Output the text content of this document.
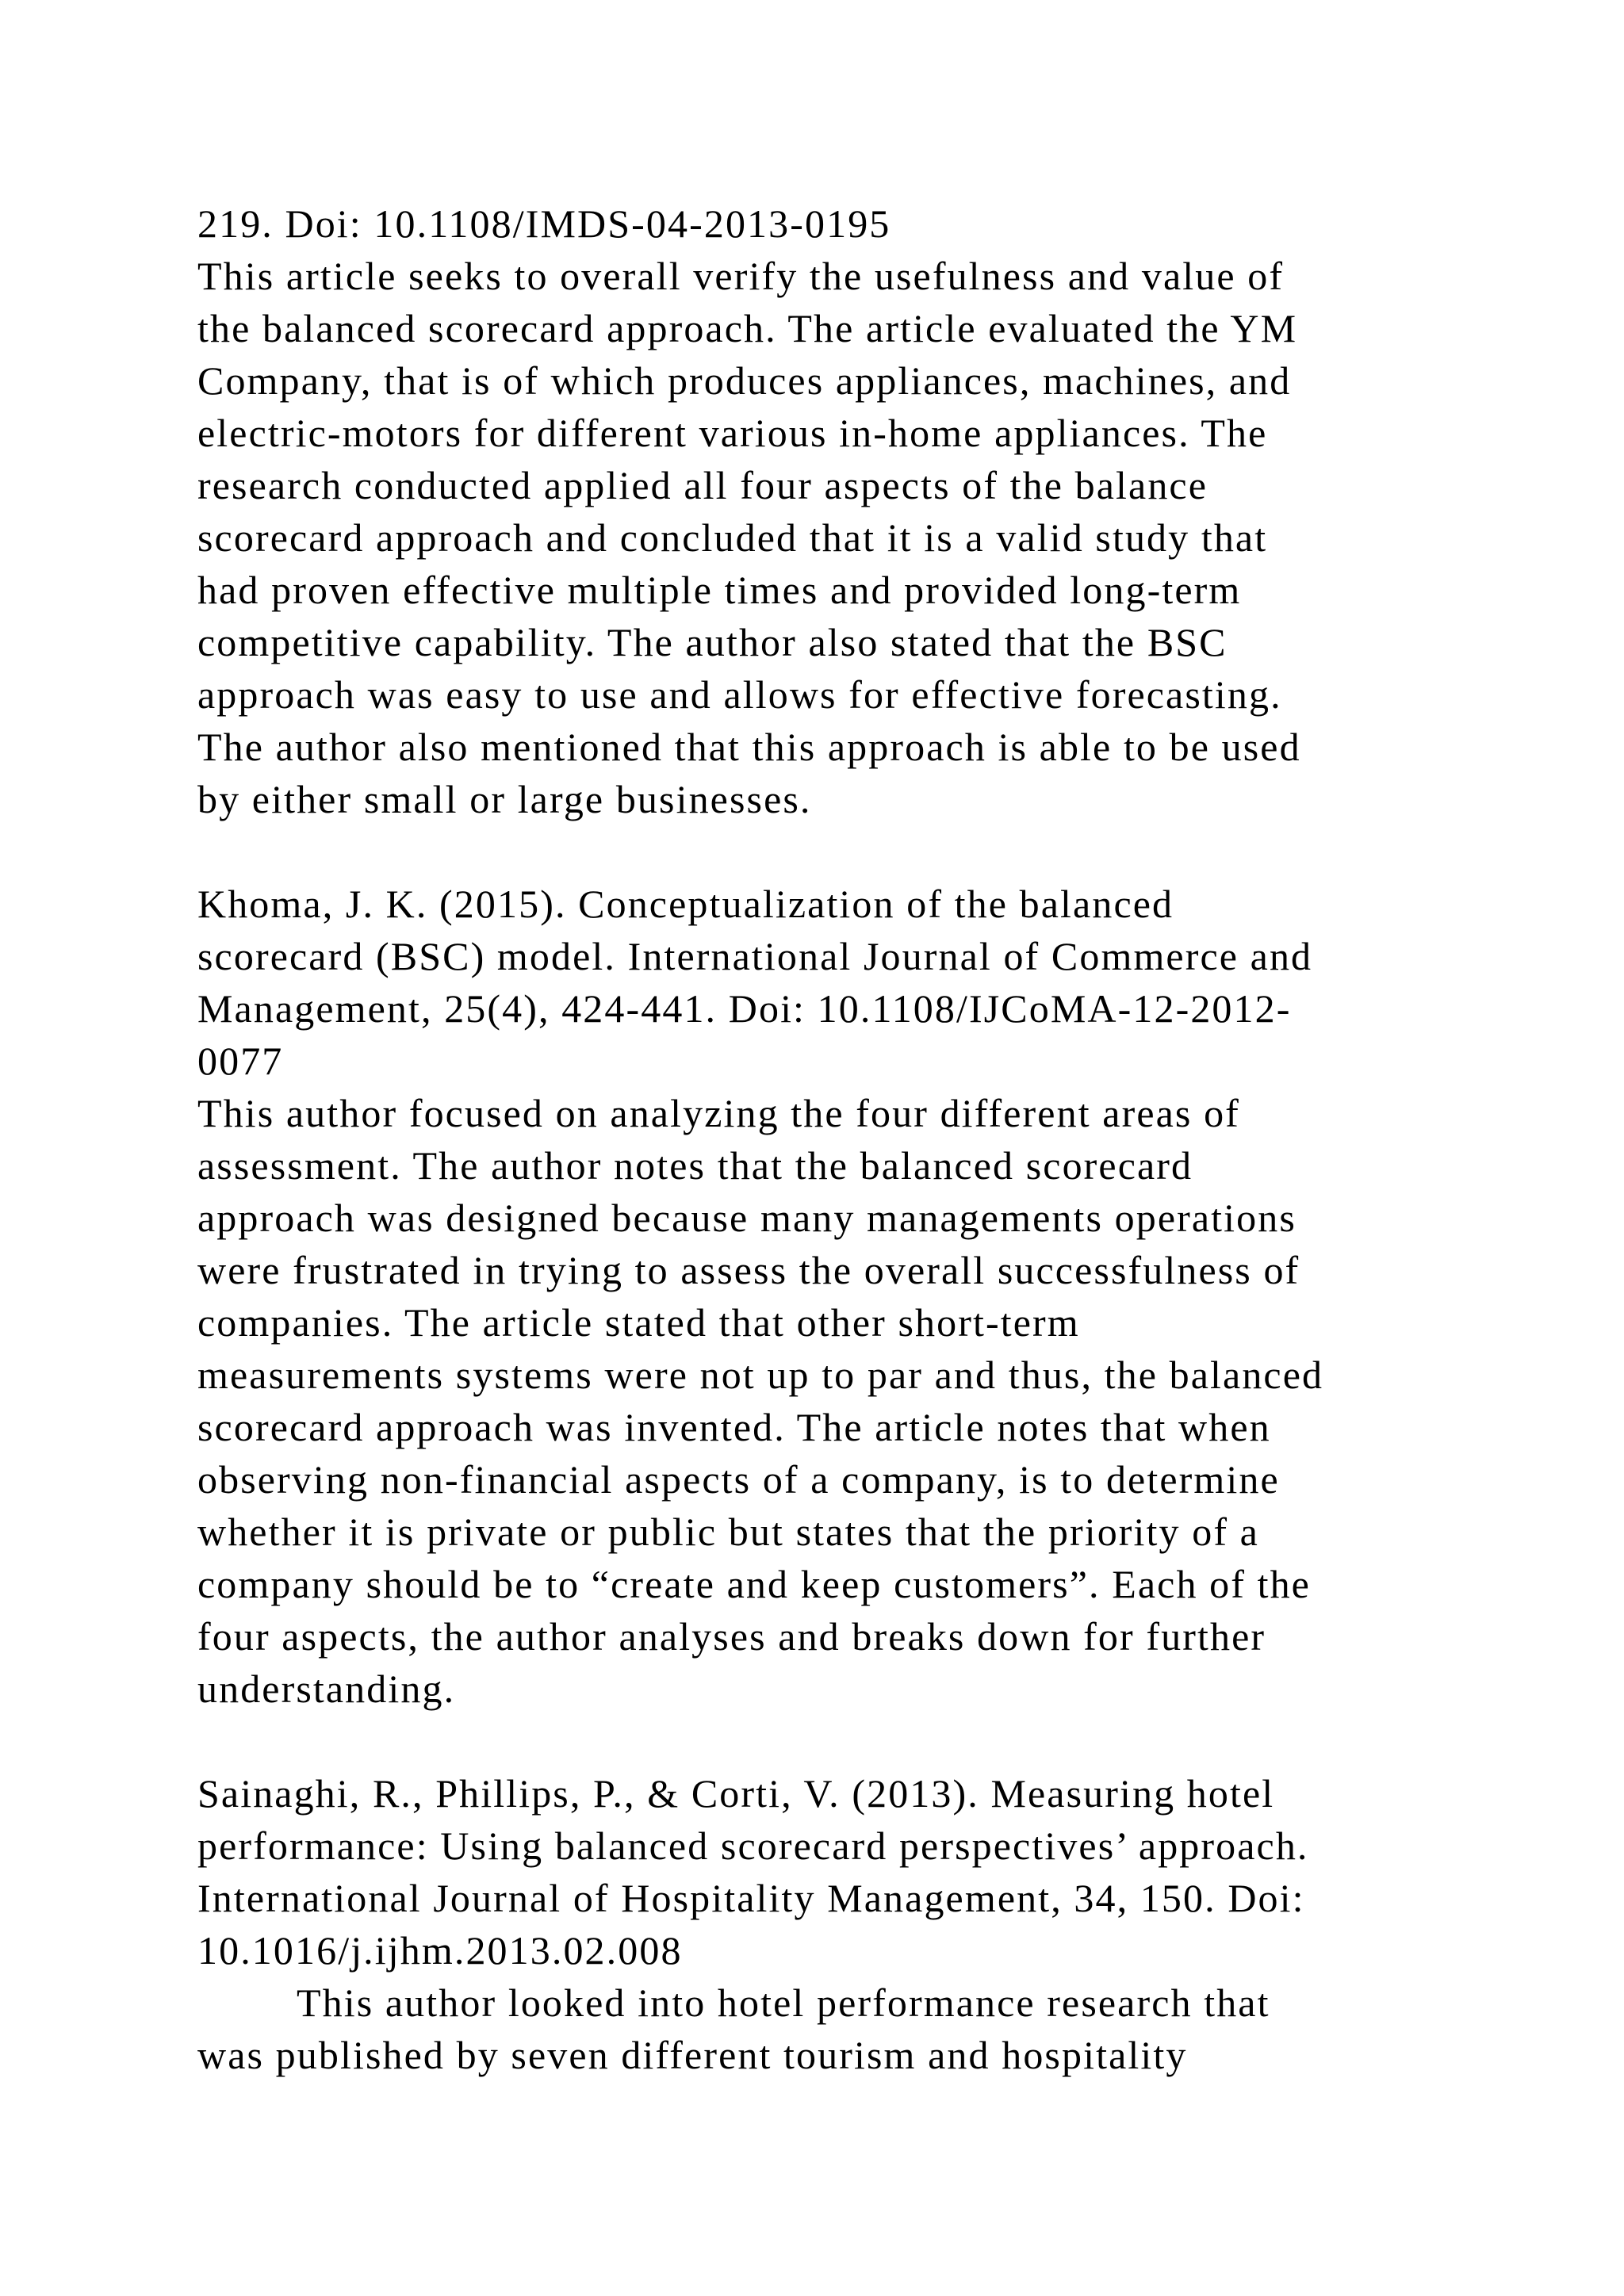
219. Doi: 10.1108/IMDS-04-2013-0195
This article seeks to overall verify the usefulness and value of
the balanced scorecard approach. The article evaluated the YM
Company, that is of which produces appliances, machines, and
electric-motors for different various in-home appliances. The
research conducted applied all four aspects of the balance
scorecard approach and concluded that it is a valid study that
had proven effective multiple times and provided long-term
competitive capability. The author also stated that the BSC
approach was easy to use and allows for effective forecasting.
The author also mentioned that this approach is able to be used
by either small or large businesses.
Khoma, J. K. (2015). Conceptualization of the balanced
scorecard (BSC) model. International Journal of Commerce and
Management, 25(4), 424-441. Doi: 10.1108/IJCoMA-12-2012-
0077
This author focused on analyzing the four different areas of
assessment. The author notes that the balanced scorecard
approach was designed because many managements operations
were frustrated in trying to assess the overall successfulness of
companies. The article stated that other short-term
measurements systems were not up to par and thus, the balanced
scorecard approach was invented. The article notes that when
observing non-financial aspects of a company, is to determine
whether it is private or public but states that the priority of a
company should be to “create and keep customers”. Each of the
four aspects, the author analyses and breaks down for further
understanding.
Sainaghi, R., Phillips, P., & Corti, V. (2013). Measuring hotel
performance: Using balanced scorecard perspectives’ approach.
International Journal of Hospitality Management, 34, 150. Doi:
10.1016/j.ijhm.2013.02.008
This author looked into hotel performance research that
was published by seven different tourism and hospitality
